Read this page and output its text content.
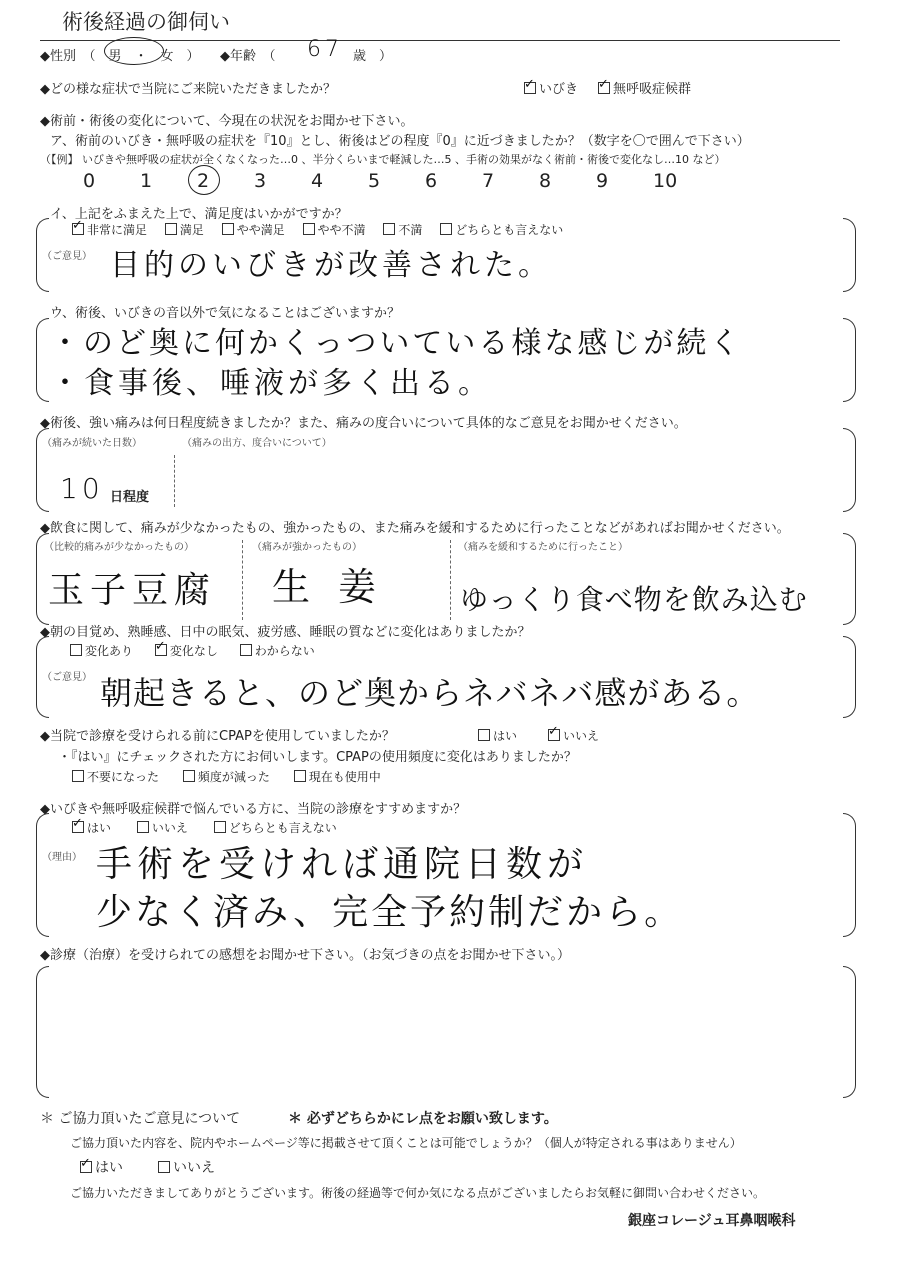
術後経過の御伺い
◆性別　（　男　・　女　） ◆年齢　（ 67 歳　）
◆どの様な症状で当院にご来院いただきましたか？ ✓	いびき ✓	無呼吸症候群
◆術前・術後の変化について、今現在の状況をお聞かせ下さい。
ア、術前のいびき・無呼吸の症状を『10』とし、術後はどの程度『0』に近づきましたか？（数字を〇で囲んで下さい）
（【例】 いびきや無呼吸の症状が全くなくなった…0 、半分くらいまで軽減した…5 、手術の効果がなく術前・術後で変化なし…10 など）
0 1 2 3 4 5 6 7 8 9 10
イ、上記をふまえた上で、満足度はいかがですか？
✓非常に満足	満足	やや満足	やや不満	不満	どちらとも言えない
（ご意見） 目的のいびきが改善された。
ウ、術後、いびきの音以外で気になることはございますか？
・のど奥に何かくっついている様な感じが続く
・食事後、唾液が多く出る。
◆術後、強い痛みは何日程度続きましたか？また、痛みの度合いについて具体的なご意見をお聞かせください。
（痛みが続いた日数）	（痛みの出方、度合いについて）
10 日程度
◆飲食に関して、痛みが少なかったもの、強かったもの、また痛みを緩和するために行ったことなどがあればお聞かせください。
（比較的痛みが少なかったもの）	（痛みが強かったもの）	（痛みを緩和するために行ったこと）
玉子豆腐 生姜 ゆっくり食べ物を飲み込む
◆朝の目覚め、熟睡感、日中の眠気、疲労感、睡眠の質などに変化はありましたか？
変化あり ✓	変化なし	わからない
（ご意見） 朝起きると、のど奥からネバネバ感がある。
◆当院で診療を受けられる前にCPAPを使用していましたか？	はい ✓	いいえ
・『はい』にチェックされた方にお伺いします。CPAPの使用頻度に変化はありましたか？
不要になった	頻度が減った	現在も使用中
◆いびきや無呼吸症候群で悩んでいる方に、当院の診療をすすめますか？
✓はい	いいえ	どちらとも言えない
（理由） 手術を受ければ通院日数が
少なく済み、完全予約制だから。
◆診療（治療）を受けられての感想をお聞かせ下さい。（お気づきの点をお聞かせ下さい。）
＊ ご協力頂いたご意見について	＊ 必ずどちらかにレ点をお願い致します。
ご協力頂いた内容を、院内やホームページ等に掲載させて頂くことは可能でしょうか？（個人が特定される事はありません）
✓はい	いいえ
ご協力いただきましてありがとうございます。術後の経過等で何か気になる点がございましたらお気軽に御問い合わせください。
銀座コレージュ耳鼻咽喉科
